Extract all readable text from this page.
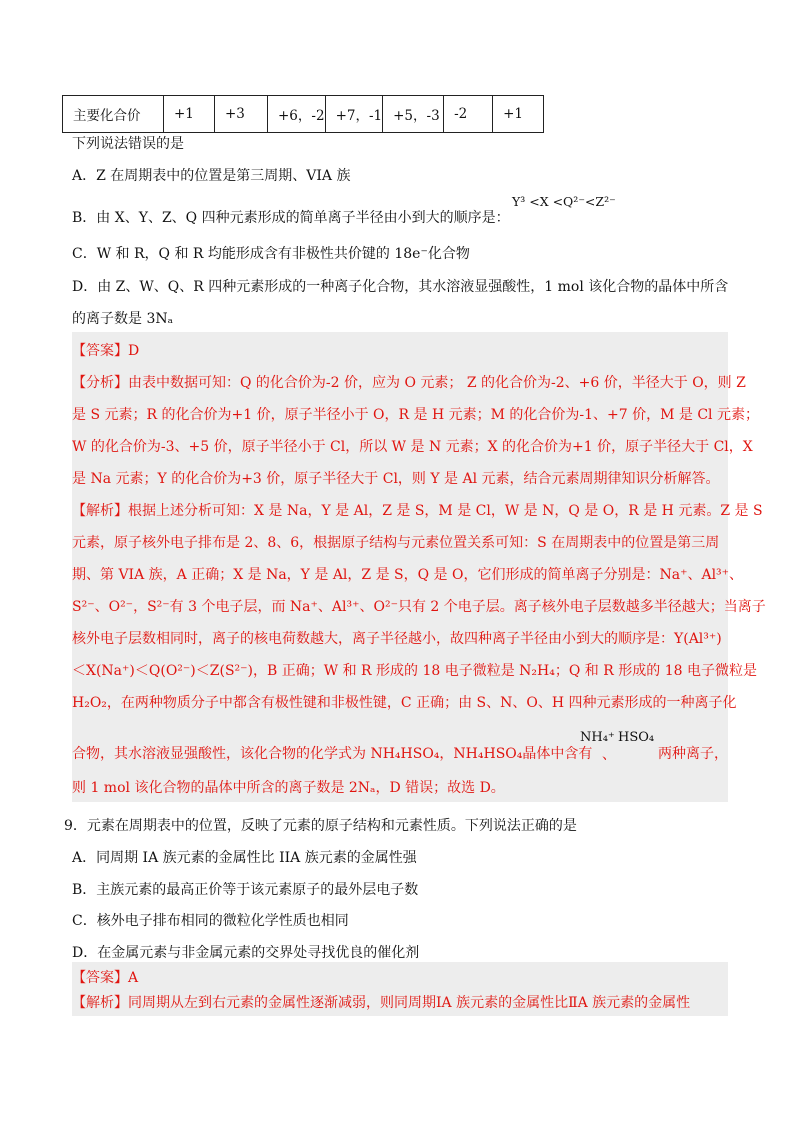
主要化合价	+1	+3	+6，-2	+7，-1	+5，-3	-2	+1
下列说法错误的是
A．Z 在周期表中的位置是第三周期、VIA 族
B．由 X、Y、Z、Q 四种元素形成的简单离子半径由小到大的顺序是：
Y³ <X <Q²⁻<Z²⁻
C．W 和 R，Q 和 R 均能形成含有非极性共价键的 18e⁻化合物
D．由 Z、W、Q、R 四种元素形成的一种离子化合物，其水溶液显强酸性，1 mol 该化合物的晶体中所含
的离子数是 3Nₐ
【答案】D
【分析】由表中数据可知：Q 的化合价为-2 价，应为 O 元素； Z 的化合价为-2、+6 价，半径大于 O，则 Z
是 S 元素；R 的化合价为+1 价，原子半径小于 O，R 是 H 元素；M 的化合价为-1、+7 价，M 是 Cl 元素；
W 的化合价为-3、+5 价，原子半径小于 Cl，所以 W 是 N 元素；X 的化合价为+1 价，原子半径大于 Cl，X
是 Na 元素；Y 的化合价为+3 价，原子半径大于 Cl，则 Y 是 Al 元素，结合元素周期律知识分析解答。
【解析】根据上述分析可知：X 是 Na，Y 是 Al，Z 是 S，M 是 Cl，W 是 N，Q 是 O，R 是 H 元素。Z 是 S
元素，原子核外电子排布是 2、8、6，根据原子结构与元素位置关系可知：S 在周期表中的位置是第三周
期、第 VIA 族，A 正确；X 是 Na，Y 是 Al，Z 是 S，Q 是 O，它们形成的简单离子分别是：Na⁺、Al³⁺、
S²⁻、O²⁻，S²⁻有 3 个电子层，而 Na⁺、Al³⁺、O²⁻只有 2 个电子层。离子核外电子层数越多半径越大；当离子
核外电子层数相同时，离子的核电荷数越大，离子半径越小，故四种离子半径由小到大的顺序是：Y(Al³⁺)
＜X(Na⁺)＜Q(O²⁻)＜Z(S²⁻)，B 正确；W 和 R 形成的 18 电子微粒是 N₂H₄；Q 和 R 形成的 18 电子微粒是
H₂O₂，在两种物质分子中都含有极性键和非极性键，C 正确；由 S、N、O、H 四种元素形成的一种离子化
合物，其水溶液显强酸性，该化合物的化学式为 NH₄HSO₄，NH₄HSO₄晶体中含有
NH₄⁺
、
HSO₄
两种离子，
则 1 mol 该化合物的晶体中所含的离子数是 2Nₐ，D 错误；故选 D。
9．元素在周期表中的位置，反映了元素的原子结构和元素性质。下列说法正确的是
A．同周期 IA 族元素的金属性比 IIA 族元素的金属性强
B．主族元素的最高正价等于该元素原子的最外层电子数
C．核外电子排布相同的微粒化学性质也相同
D．在金属元素与非金属元素的交界处寻找优良的催化剂
【答案】A
【解析】同周期从左到右元素的金属性逐渐减弱，则同周期ⅠA 族元素的金属性比ⅡA 族元素的金属性
